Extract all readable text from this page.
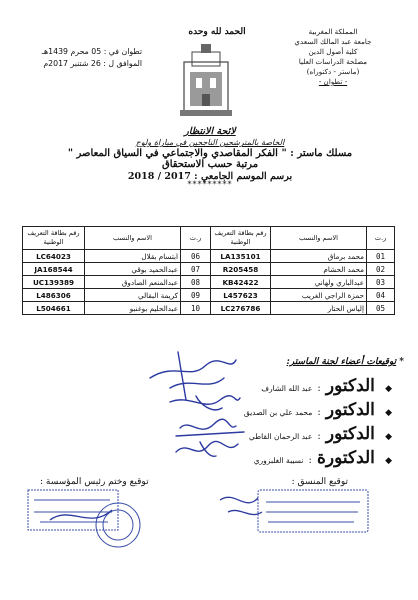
المملكة المغربية
جامعة عبد المالك السعدي
كلية أصول الدين
مصلحة الدراسات العليا
(ماستر - دكتوراه)
- تطوان -
الحمد لله وحده
تطوان في : 05 محرم 1439هـ
الموافق ل : 26 شتنبر 2017م
لائحة الانتظار
الخاصة بالمترشحين الناجحين في مباراة ولوج
مسلك ماستر : " الفكر المقاصدي والاجتماعي في السياق المعاصر "
مرتبة حسب الاستحقاق
برسم الموسم الجامعي : 2017 / 2018
*********
ر.ت	الاسم والنسب	رقم بطاقة التعريف الوطنية	ر.ت	الاسم والنسب	رقم بطاقة التعريف الوطنية
01	محمد برماق	LA135101	06	ابتسام بقلال	LC64023
02	محمد الحشام	R205458	07	عبدالحميد بوقي	JA168544
03	عبدالباري ولهاني	KB42422	08	عبدالمنعم الصادوق	UC139389
04	حمزة الراجي الغريب	L457623	09	كريمة البقالي	L486306
05	إلياس الحتار	LC276786	10	عبدالحليم بوغنبو	L504661
* توقيعات أعضاء لجنة الماستر:
◆ الدكتور : عبد الله الشارف
◆ الدكتور : محمد علي بن الصديق
◆ الدكتور : عبد الرحمان القاطي
◆ الدكتورة : نسيبة الغلبزوري
توقيع المنسق :
توقيع وختم رئيس المؤسسة :
